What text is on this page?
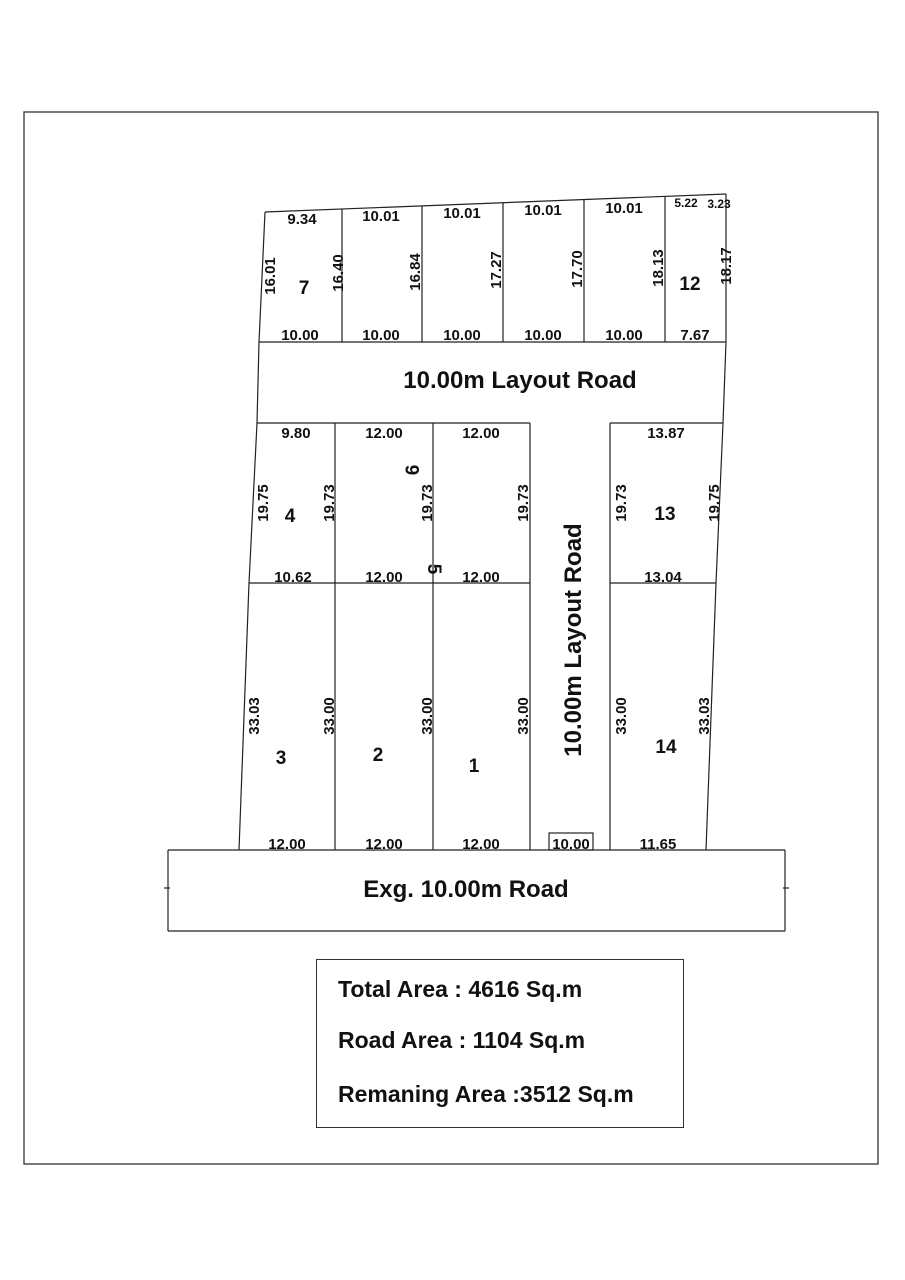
10.00m Layout Road
10.00m Layout Road
Exg. 10.00m Road
9.34	10.01	10.01	10.01	10.01	5.22 3.23
10.00	10.00	10.00	10.00	10.00	7.67
16.01	16.40	16.84	17.27	17.70	18.13	18.17
9.80	12.00	12.00	13.87
10.62	12.00	12.00	13.04
19.75	19.73	19.73	19.73	19.73	19.75
33.03	33.00	33.00	33.00	33.00	33.03
12.00	12.00	12.00	10.00	11.65
1
2
3
4
5
6
7	12
13
14
Total Area : 4616 Sq.m
Road Area : 1104 Sq.m
Remaning Area :3512 Sq.m
